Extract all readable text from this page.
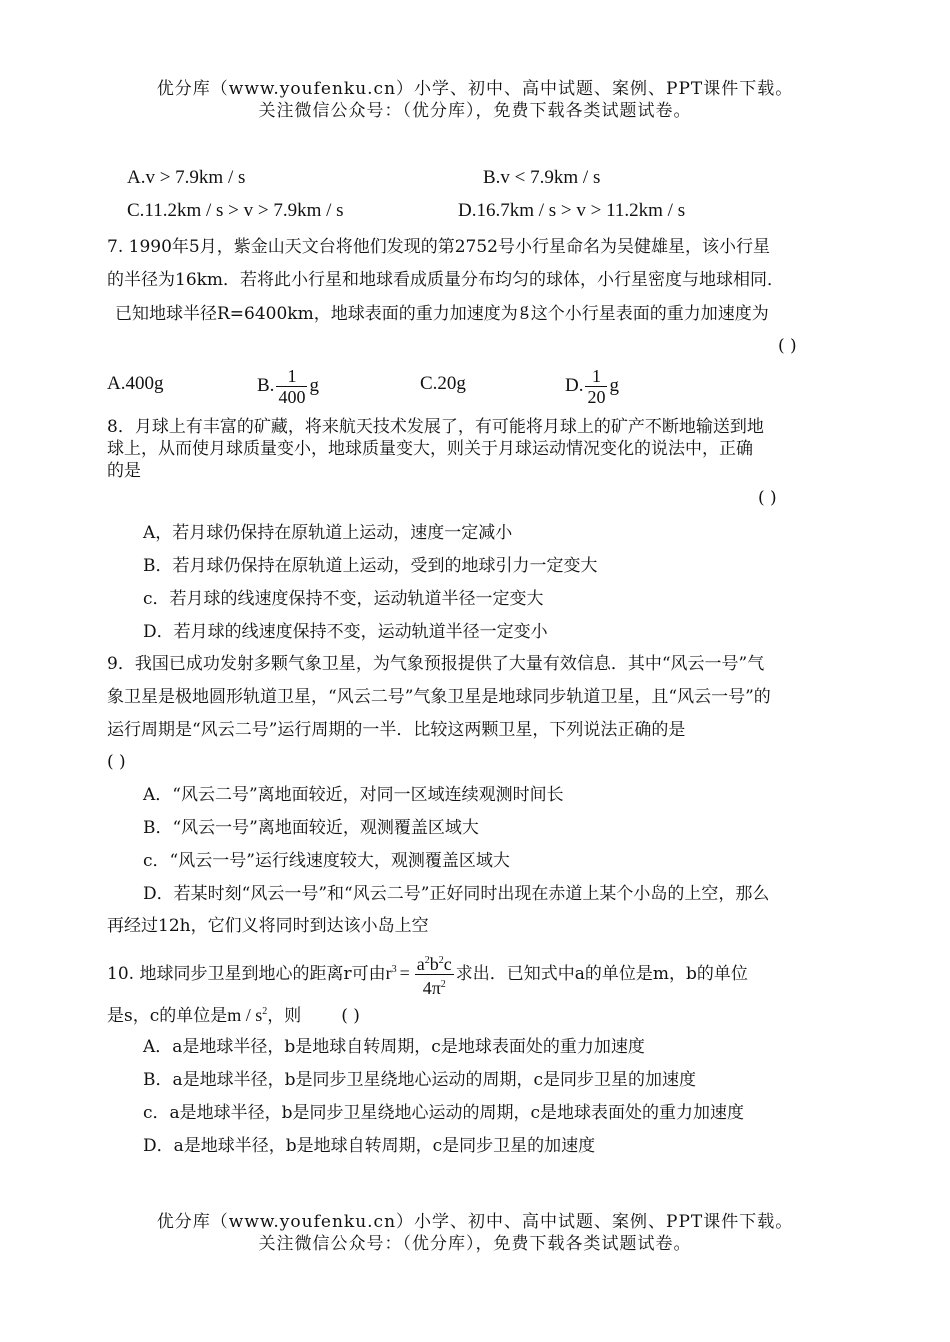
优分库（www.youfenku.cn）小学、初中、高中试题、案例、PPT课件下载。
关注微信公众号：（优分库），免费下载各类试题试卷。
A.v > 7.9km / s	B.v < 7.9km / s
C.11.2km / s > v > 7.9km / s	D.16.7km / s > v > 11.2km / s
7. 1990年5月，紫金山天文台将他们发现的第2752号小行星命名为吴健雄星，该小行星
的半径为16km．若将此小行星和地球看成质量分布均匀的球体，小行星密度与地球相同．
已知地球半径R=6400km，地球表面的重力加速度为 g 这个小行星表面的重力加速度为
( )
A.400g	B. $\frac{1}{400}$ g	C.20g	D. $\frac{1}{20}$ g
8．月球上有丰富的矿藏，将来航天技术发展了，有可能将月球上的矿产不断地输送到地
球上，从而使月球质量变小，地球质量变大，则关于月球运动情况变化的说法中，正确
的是
( )
A，若月球仍保持在原轨道上运动，速度一定减小
B．若月球仍保持在原轨道上运动，受到的地球引力一定变大
c．若月球的线速度保持不变，运动轨道半径一定变大
D．若月球的线速度保持不变，运动轨道半径一定变小
9．我国已成功发射多颗气象卫星，为气象预报提供了大量有效信息．其中“风云一号”气
象卫星是极地圆形轨道卫星，“风云二号”气象卫星是地球同步轨道卫星，且“风云一号”的
运行周期是“风云二号”运行周期的一半．比较这两颗卫星，下列说法正确的是
( )
A．“风云二号”离地面较近，对同一区域连续观测时间长
B．“风云一号”离地面较近，观测覆盖区域大
c．“风云一号”运行线速度较大，观测覆盖区域大
D．若某时刻“风云一号”和“风云二号”正好同时出现在赤道上某个小岛的上空，那么
再经过12h，它们义将同时到达该小岛上空
10. 地球同步卫星到地心的距离r可由$r^3 = \frac{a^2b^2c}{4\pi^2}$ 求出．已知式中a的单位是m，b的单位
是s，c的单位是m / $s^2$，则 ( )
A．a是地球半径，b是地球自转周期，c是地球表面处的重力加速度
B．a是地球半径，b是同步卫星绕地心运动的周期，c是同步卫星的加速度
c．a是地球半径，b是同步卫星绕地心运动的周期，c是地球表面处的重力加速度
D．a是地球半径，b是地球自转周期，c是同步卫星的加速度
优分库（www.youfenku.cn）小学、初中、高中试题、案例、PPT课件下载。
关注微信公众号：（优分库），免费下载各类试题试卷。
